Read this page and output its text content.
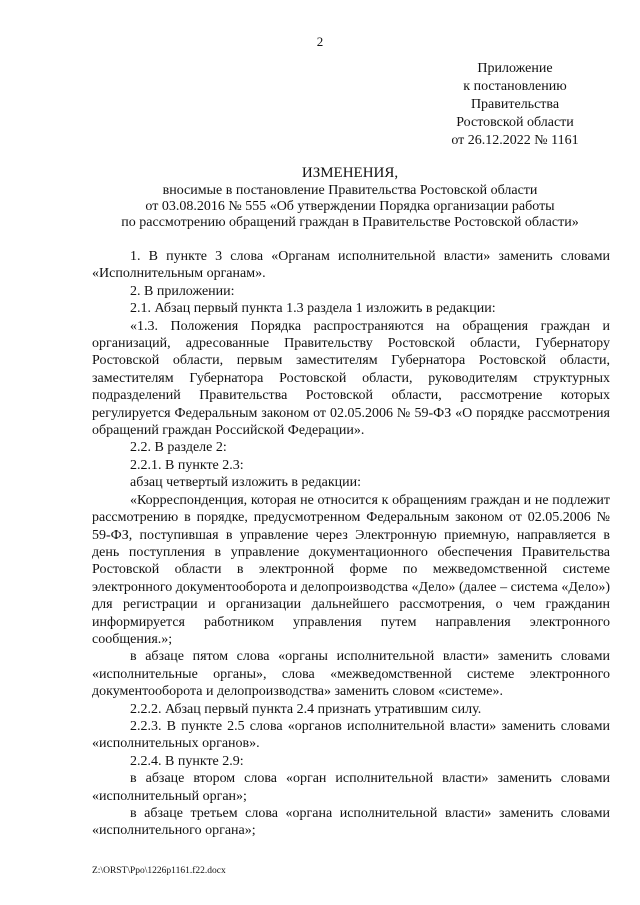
2
Приложение
к постановлению
Правительства
Ростовской области
от 26.12.2022 № 1161
ИЗМЕНЕНИЯ,
вносимые в постановление Правительства Ростовской области
от 03.08.2016 № 555 «Об утверждении Порядка организации работы
по рассмотрению обращений граждан в Правительстве Ростовской области»

1. В пункте 3 слова «Органам исполнительной власти» заменить словами «Исполнительным органам».

2. В приложении:

2.1. Абзац первый пункта 1.3 раздела 1 изложить в редакции:

«1.3. Положения Порядка распространяются на обращения граждан и организаций, адресованные Правительству Ростовской области, Губернатору Ростовской области, первым заместителям Губернатора Ростовской области, заместителям Губернатора Ростовской области, руководителям структурных подразделений Правительства Ростовской области, рассмотрение которых регулируется Федеральным законом от 02.05.2006 № 59-ФЗ «О порядке рассмотрения обращений граждан Российской Федерации».

2.2. В разделе 2:

2.2.1. В пункте 2.3:

абзац четвертый изложить в редакции:

«Корреспонденция, которая не относится к обращениям граждан и не подлежит рассмотрению в порядке, предусмотренном Федеральным законом от 02.05.2006 № 59-ФЗ, поступившая в управление через Электронную приемную, направляется в день поступления в управление документационного обеспечения Правительства Ростовской области в электронной форме по межведомственной системе электронного документооборота и делопроизводства «Дело» (далее – система «Дело») для регистрации и организации дальнейшего рассмотрения, о чем гражданин информируется работником управления путем направления электронного сообщения.»;

в абзаце пятом слова «органы исполнительной власти» заменить словами «исполнительные органы», слова «межведомственной системе электронного документооборота и делопроизводства» заменить словом «системе».

2.2.2. Абзац первый пункта 2.4 признать утратившим силу.

2.2.3. В пункте 2.5 слова «органов исполнительной власти» заменить словами «исполнительных органов».

2.2.4. В пункте 2.9:

в абзаце втором слова «орган исполнительной власти» заменить словами «исполнительный орган»;

в абзаце третьем слова «органа исполнительной власти» заменить словами «исполнительного органа»;

Z:\ORST\Ppo\1226p1161.f22.docx
